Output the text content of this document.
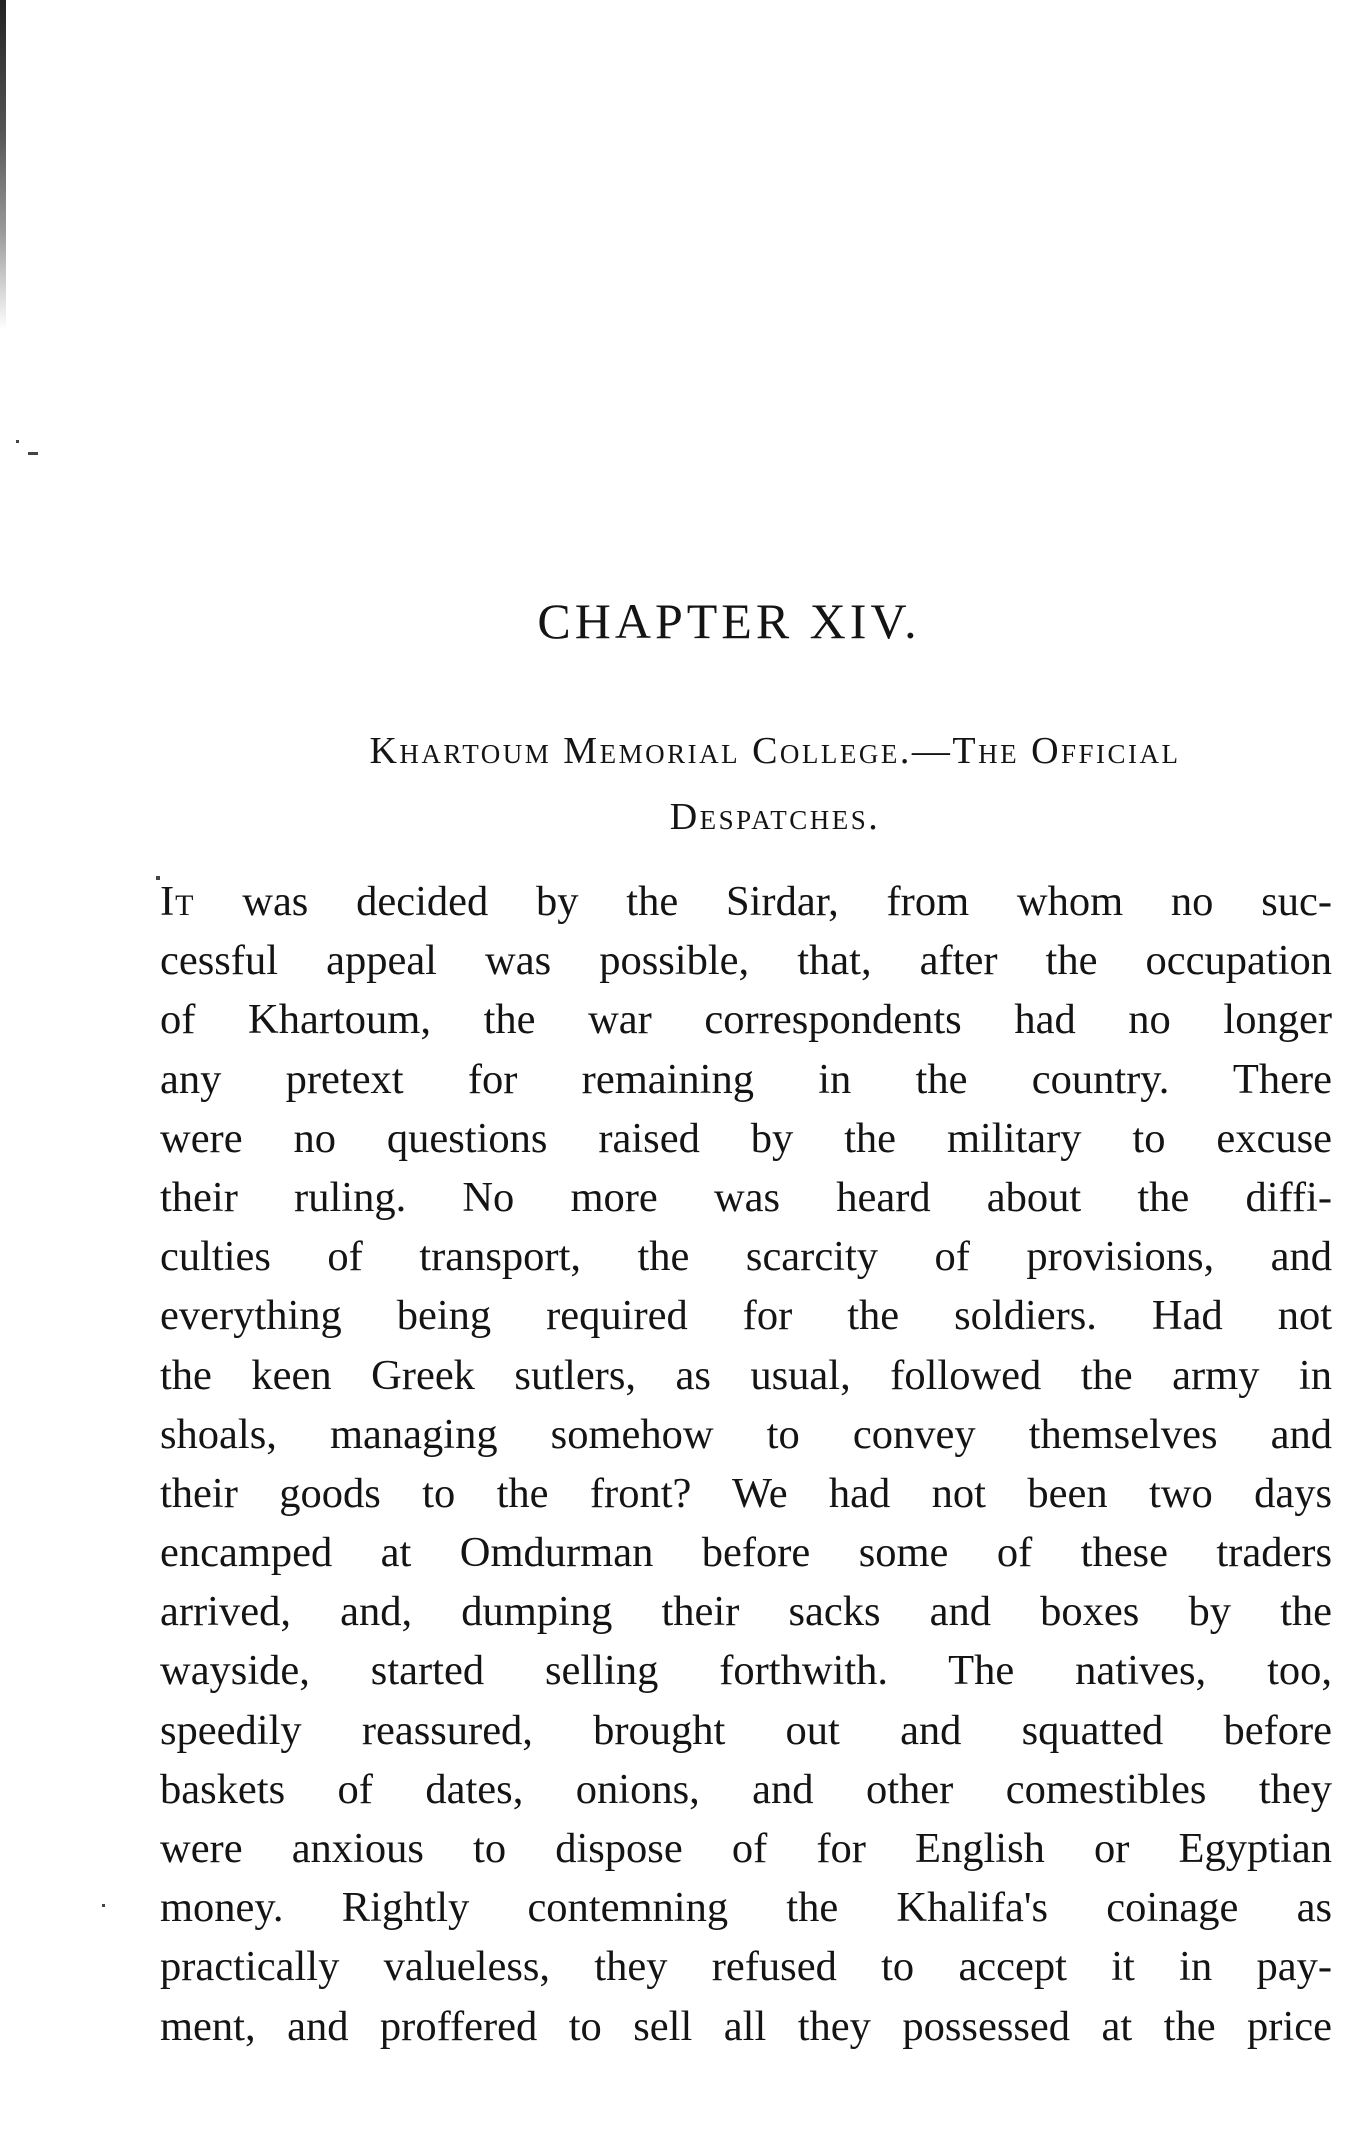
CHAPTER XIV.
Khartoum Memorial College.—The Official
Despatches.
It was decided by the Sirdar, from whom no suc-
cessful appeal was possible, that, after the occupation
of Khartoum, the war correspondents had no longer
any pretext for remaining in the country. There
were no questions raised by the military to excuse
their ruling. No more was heard about the diffi-
culties of transport, the scarcity of provisions, and
everything being required for the soldiers. Had not
the keen Greek sutlers, as usual, followed the army in
shoals, managing somehow to convey themselves and
their goods to the front? We had not been two days
encamped at Omdurman before some of these traders
arrived, and, dumping their sacks and boxes by the
wayside, started selling forthwith. The natives, too,
speedily reassured, brought out and squatted before
baskets of dates, onions, and other comestibles they
were anxious to dispose of for English or Egyptian
money. Rightly contemning the Khalifa's coinage as
practically valueless, they refused to accept it in pay-
ment, and proffered to sell all they possessed at the price
